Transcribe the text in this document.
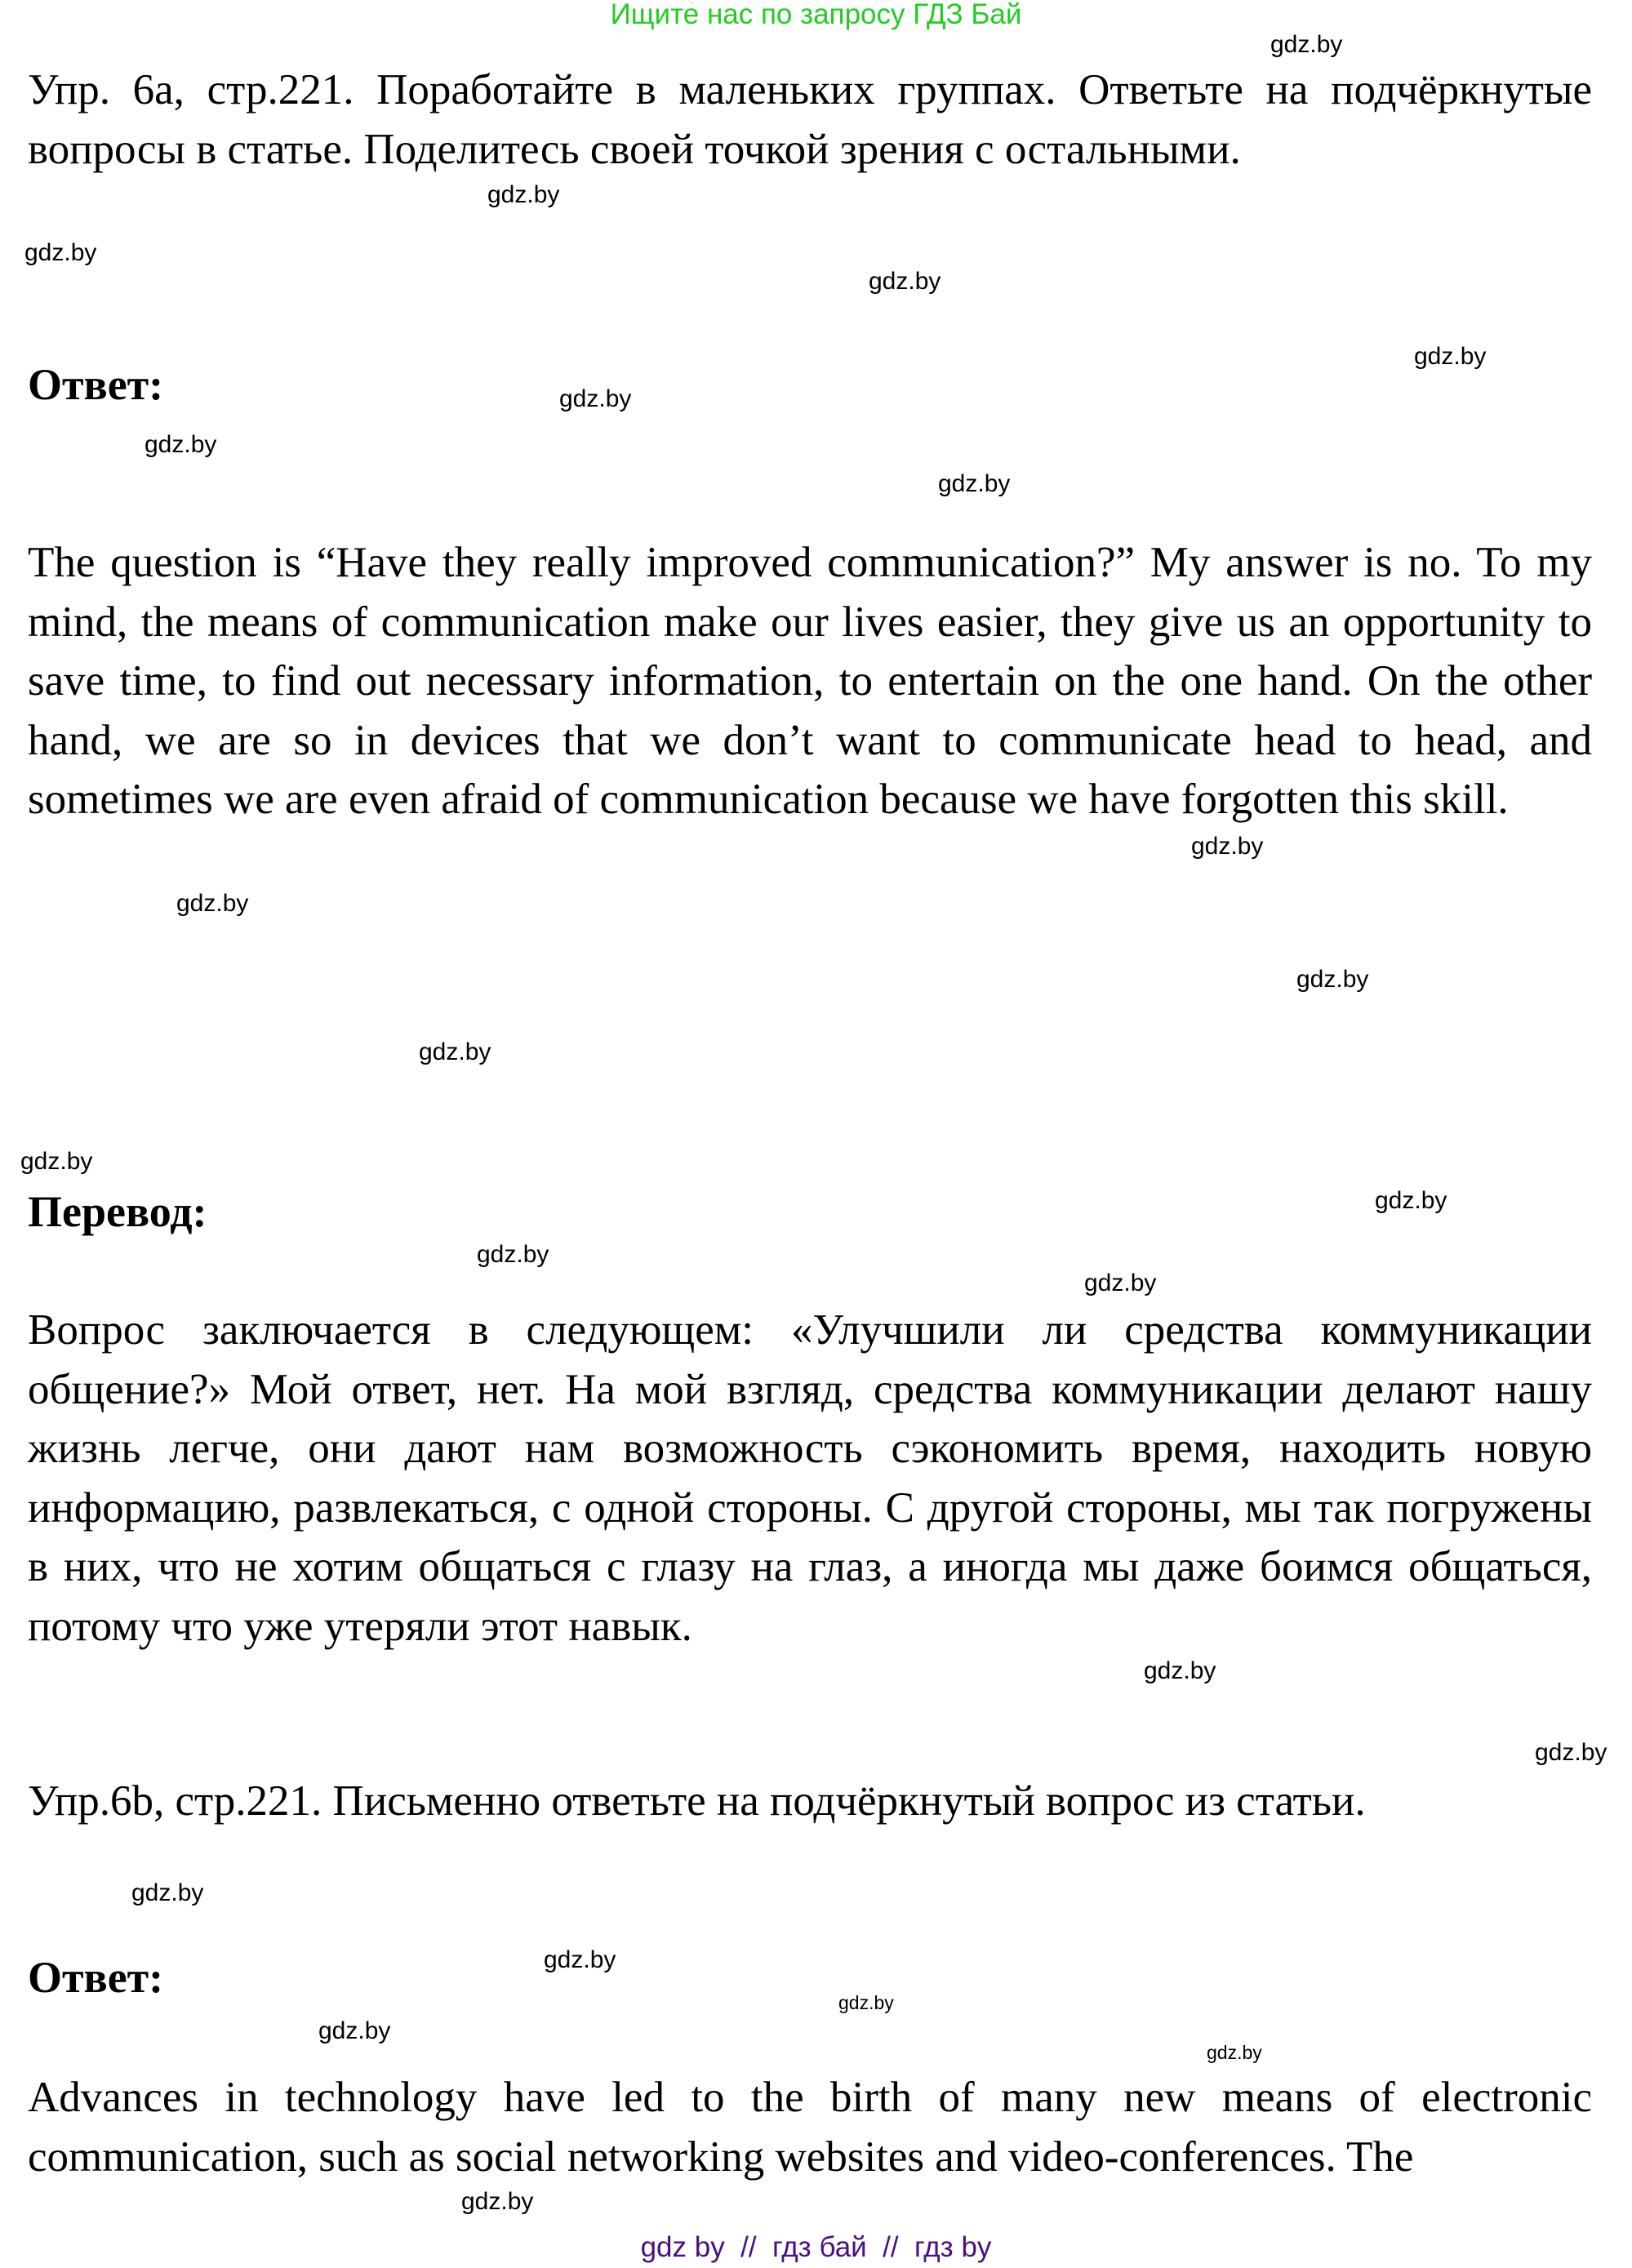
Ищите нас по запросу ГДЗ Бай

Упр. 6а, стр.221. Поработайте в маленьких группах. Ответьте на подчёркнутые вопросы в статье. Поделитесь своей точкой зрения с остальными.

Ответ:

The question is “Have they really improved communication?” My answer is no. To my mind, the means of communication make our lives easier, they give us an opportunity to save time, to find out necessary information, to entertain on the one hand. On the other hand, we are so in devices that we don’t want to communicate head to head, and sometimes we are even afraid of communication because we have forgotten this skill.

Перевод:

Вопрос заключается в следующем: «Улучшили ли средства коммуникации общение?» Мой ответ, нет. На мой взгляд, средства коммуникации делают нашу жизнь легче, они дают нам возможность сэкономить время, находить новую информацию, развлекаться, с одной стороны. С другой стороны, мы так погружены в них, что не хотим общаться с глазу на глаз, а иногда мы даже боимся общаться, потому что уже утеряли этот навык.

Упр.6b, стр.221. Письменно ответьте на подчёркнутый вопрос из статьи.

Ответ:

Advances in technology have led to the birth of many new means of electronic communication, such as social networking websites and video-conferences. The

gdz.by
gdz.by
gdz.by
gdz.by
gdz.by
gdz.by
gdz.by
gdz.by
gdz.by
gdz.by
gdz.by
gdz.by
gdz.by
gdz.by
gdz.by
gdz.by
gdz.by
gdz.by
gdz.by
gdz.by
gdz.by
gdz.by
gdz.by
gdz.by
gdz by  //  гдз бай  //  гдз by
